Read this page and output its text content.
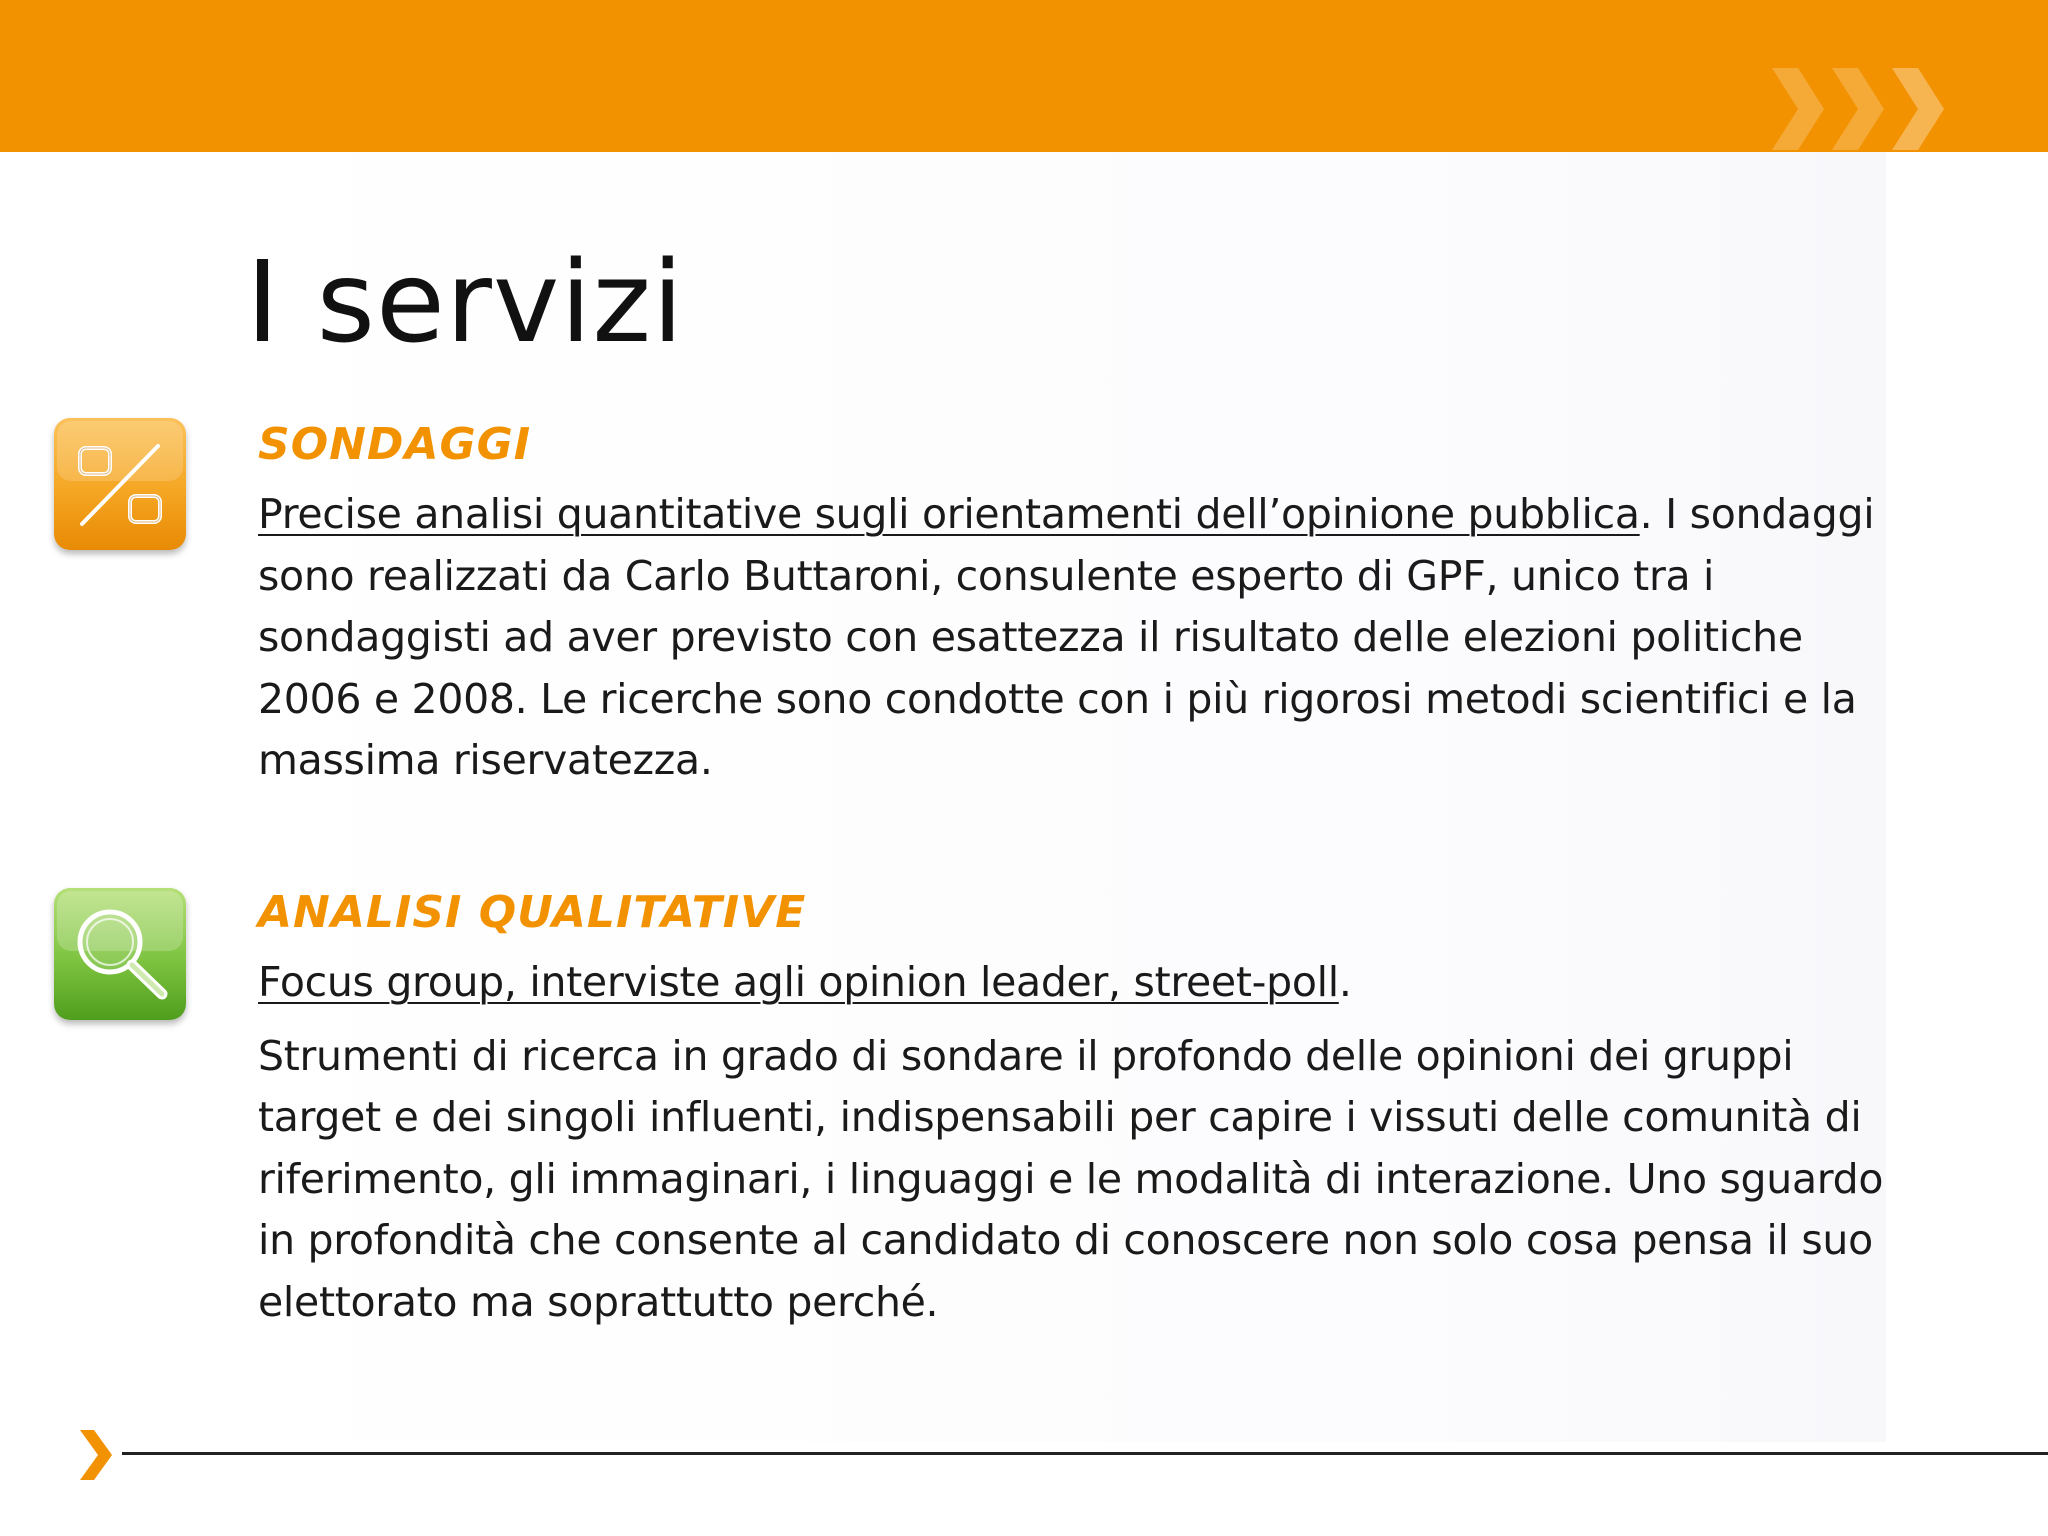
I servizi
SONDAGGI

Precise analisi quantitative sugli orientamenti dell’opinione pubblica. I sondaggi sono realizzati da Carlo Buttaroni, consulente esperto di GPF, unico tra i sondaggisti ad aver previsto con esattezza il risultato delle elezioni politiche 2006 e 2008. Le ricerche sono condotte con i più rigorosi metodi scientifici e la massima riservatezza.

ANALISI QUALITATIVE

Focus group, interviste agli opinion leader, street-poll.

Strumenti di ricerca in grado di sondare il profondo delle opinioni dei gruppi target e dei singoli influenti, indispensabili per capire i vissuti delle comunità di riferimento, gli immaginari, i linguaggi e le modalità di interazione. Uno sguardo in profondità che consente al candidato di conoscere non solo cosa pensa il suo elettorato ma soprattutto perché.
